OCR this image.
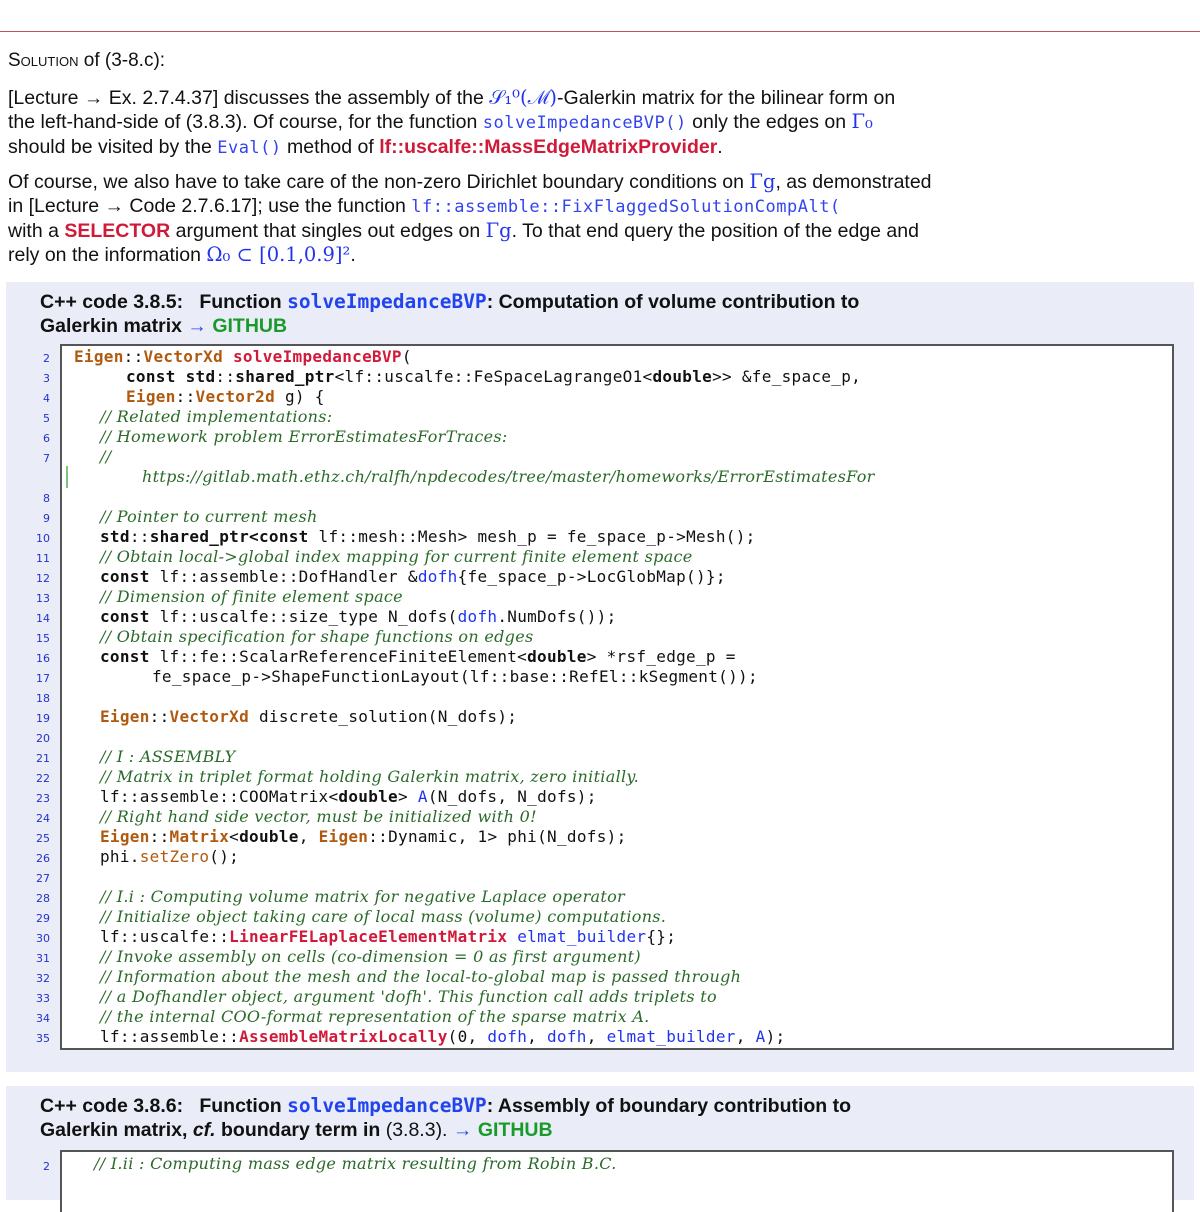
Solution of (3-8.c):
[Lecture → Ex. 2.7.4.37] discusses the assembly of the 𝒮₁⁰(ℳ)-Galerkin matrix for the bilinear form on
the left-hand-side of (3.8.3). Of course, for the function solveImpedanceBVP() only the edges on Γ₀
should be visited by the Eval() method of lf::uscalfe::MassEdgeMatrixProvider.
Of course, we also have to take care of the non-zero Dirichlet boundary conditions on Γg, as demonstrated
in [Lecture → Code 2.7.6.17]; use the function lf::assemble::FixFlaggedSolutionCompAlt(
with a SELECTOR argument that singles out edges on Γg. To that end query the position of the edge and
rely on the information Ω₀ ⊂ [0.1,0.9]².
C++ code 3.8.5: Function solveImpedanceBVP: Computation of volume contribution to
Galerkin matrix → GITHUB
2 Eigen::VectorXd solveImpedanceBVP(
3	const std::shared_ptr<lf::uscalfe::FeSpaceLagrangeO1<double>> &fe_space_p,
4	Eigen::Vector2d g) {
5	// Related implementations:
6	// Homework problem ErrorEstimatesForTraces:
7	//
https://gitlab.math.ethz.ch/ralfh/npdecodes/tree/master/homeworks/ErrorEstimatesFor
8
9	// Pointer to current mesh
10	std::shared_ptr<const lf::mesh::Mesh> mesh_p = fe_space_p->Mesh();
11	// Obtain local->global index mapping for current finite element space
12	const lf::assemble::DofHandler &dofh{fe_space_p->LocGlobMap()};
13	// Dimension of finite element space
14	const lf::uscalfe::size_type N_dofs(dofh.NumDofs());
15	// Obtain specification for shape functions on edges
16	const lf::fe::ScalarReferenceFiniteElement<double> *rsf_edge_p =
17	fe_space_p->ShapeFunctionLayout(lf::base::RefEl::kSegment());
18
19	Eigen::VectorXd discrete_solution(N_dofs);
20
21	// I : ASSEMBLY
22	// Matrix in triplet format holding Galerkin matrix, zero initially.
23	lf::assemble::COOMatrix<double> A(N_dofs, N_dofs);
24	// Right hand side vector, must be initialized with 0!
25	Eigen::Matrix<double, Eigen::Dynamic, 1> phi(N_dofs);
26	phi.setZero();
27
28	// I.i : Computing volume matrix for negative Laplace operator
29	// Initialize object taking care of local mass (volume) computations.
30	lf::uscalfe::LinearFELaplaceElementMatrix elmat_builder{};
31	// Invoke assembly on cells (co-dimension = 0 as first argument)
32	// Information about the mesh and the local-to-global map is passed through
33	// a Dofhandler object, argument 'dofh'. This function call adds triplets to
34	// the internal COO-format representation of the sparse matrix A.
35	lf::assemble::AssembleMatrixLocally(0, dofh, dofh, elmat_builder, A);
C++ code 3.8.6: Function solveImpedanceBVP: Assembly of boundary contribution to
Galerkin matrix, cf. boundary term in (3.8.3). → GITHUB
2	// I.ii : Computing mass edge matrix resulting from Robin B.C.
